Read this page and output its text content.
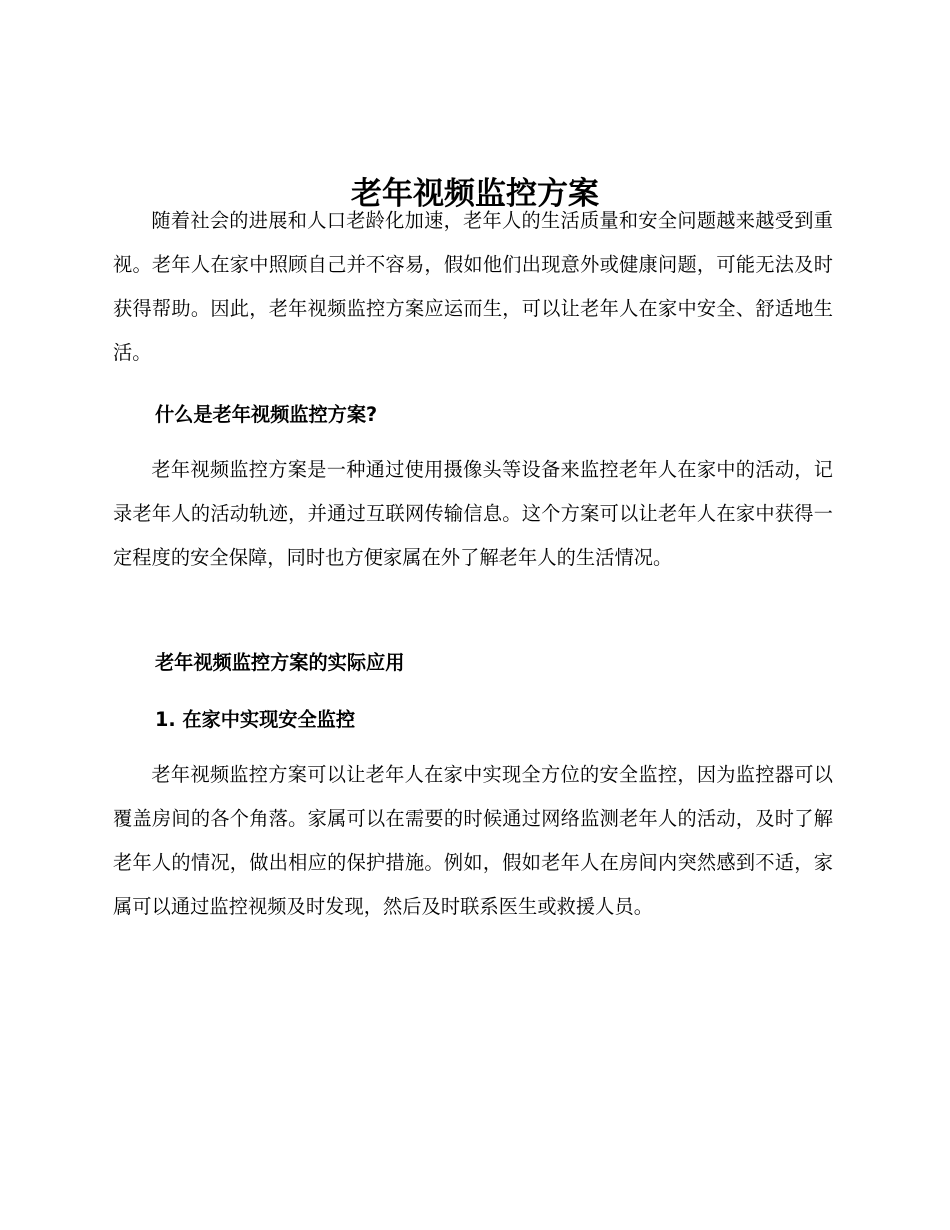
老年视频监控方案

随着社会的进展和人口老龄化加速，老年人的生活质量和安全问题越来越受到重视。老年人在家中照顾自己并不容易，假如他们出现意外或健康问题，可能无法及时获得帮助。因此，老年视频监控方案应运而生，可以让老年人在家中安全、舒适地生活。

什么是老年视频监控方案?

老年视频监控方案是一种通过使用摄像头等设备来监控老年人在家中的活动，记录老年人的活动轨迹，并通过互联网传输信息。这个方案可以让老年人在家中获得一定程度的安全保障，同时也方便家属在外了解老年人的生活情况。

老年视频监控方案的实际应用
1. 在家中实现安全监控

老年视频监控方案可以让老年人在家中实现全方位的安全监控，因为监控器可以覆盖房间的各个角落。家属可以在需要的时候通过网络监测老年人的活动，及时了解老年人的情况，做出相应的保护措施。例如，假如老年人在房间内突然感到不适，家属可以通过监控视频及时发现，然后及时联系医生或救援人员。
